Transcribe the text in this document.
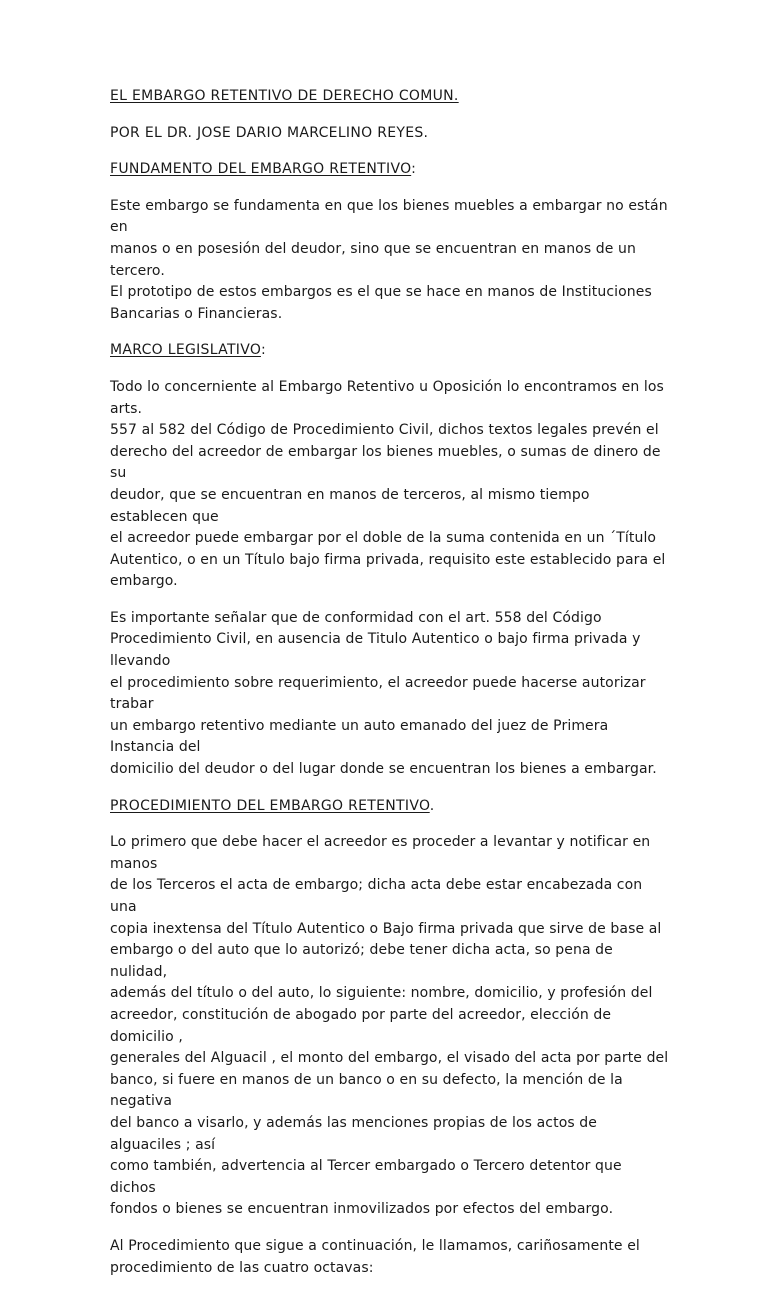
EL EMBARGO RETENTIVO DE DERECHO COMUN.

POR EL DR. JOSE DARIO MARCELINO REYES.

FUNDAMENTO DEL EMBARGO RETENTIVO:

Este embargo se fundamenta en que los bienes muebles a embargar no están en
manos o en posesión del deudor, sino que se encuentran en manos de un tercero.
El prototipo de estos embargos es el que se hace en manos de Instituciones
Bancarias o Financieras.

MARCO LEGISLATIVO:

Todo lo concerniente al Embargo Retentivo u Oposición lo encontramos en los arts.
557 al 582 del Código de Procedimiento Civil, dichos textos legales prevén el
derecho del acreedor de embargar los bienes muebles, o sumas de dinero de su
deudor, que se encuentran en manos de terceros, al mismo tiempo establecen que
el acreedor puede embargar por el doble de la suma contenida en un ´Título
Autentico, o en un Título bajo firma privada, requisito este establecido para el
embargo.

Es importante señalar que de conformidad con el art. 558 del Código
Procedimiento Civil, en ausencia de Titulo Autentico o bajo firma privada y llevando
el procedimiento sobre requerimiento, el acreedor puede hacerse autorizar trabar
un embargo retentivo mediante un auto emanado del juez de Primera Instancia del
domicilio del deudor o del lugar donde se encuentran los bienes a embargar.

PROCEDIMIENTO DEL EMBARGO RETENTIVO.

Lo primero que debe hacer el acreedor es proceder a levantar y notificar en manos
de los Terceros el acta de embargo; dicha acta debe estar encabezada con una
copia inextensa del Título Autentico o Bajo firma privada que sirve de base al
embargo o del auto que lo autorizó; debe tener dicha acta, so pena de nulidad,
además del título o del auto, lo siguiente: nombre, domicilio, y profesión del
acreedor, constitución de abogado por parte del acreedor, elección de domicilio ,
generales del Alguacil , el monto del embargo, el visado del acta por parte del
banco, si fuere en manos de un banco o en su defecto, la mención de la negativa
del banco a visarlo, y además las menciones propias de los actos de alguaciles ; así
como también, advertencia al Tercer embargado o Tercero detentor que dichos
fondos o bienes se encuentran inmovilizados por efectos del embargo.

Al Procedimiento que sigue a continuación, le llamamos, cariñosamente el
procedimiento de las cuatro octavas:
